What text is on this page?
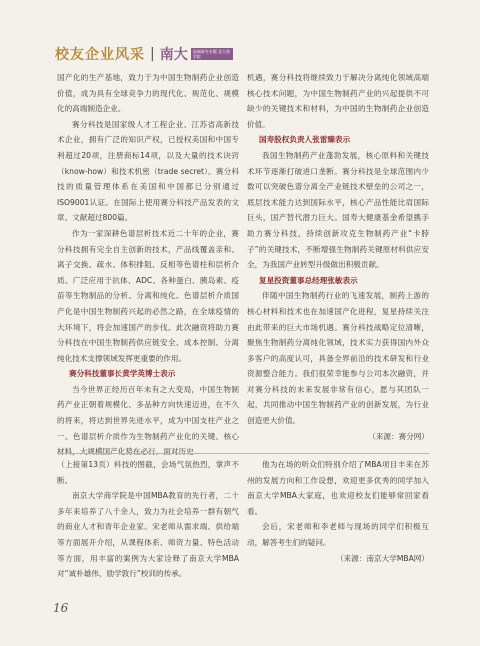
校友企业风采 | 南大	高端研究专题 北大商学院

国产化的生产基地，致力于为中国生物制药企业创造价值，成为具有全球竞争力的现代化、规范化、规模化的高端制造企业。

赛分科技是国家级人才工程企业、江苏省高新技术企业，拥有广泛的知识产权，已授权美国和中国专利超过20项，注册商标14项，以及大量的技术诀窍（know-how）和技术机密（trade secret）。赛分科技的质量管理体系在美国和中国都已分别通过ISO9001认证。在国际上使用赛分科技产品发表的文章、文献超过800篇。

作为一家深耕色谱层析技术近二十年的企业，赛分科技拥有完全自主创新的技术，产品线覆盖亲和、离子交换、疏水、体积排阻、反相等色谱柱和层析介质。广泛应用于抗体、ADC、各种蛋白、胰岛素、疫苗等生物制品的分析、分离和纯化。色谱层析介质国产化是中国生物制药兴起的必然之路，在全球疫情的大环境下，将会加速国产的步伐。此次融资将助力赛分科技在中国生物制药供应链安全、成本控制、分离纯化技术支撑领域发挥更重要的作用。

赛分科技董事长黄学英博士表示

当今世界正经历百年未有之大变局，中国生物制药产业正朝着规模化、多品种方向快速迈进，在不久的将来，将达到世界先进水平，成为中国支柱产业之一。色谱层析介质作为生物制药产业化的关键、核心材料，大规模国产化势在必行。面对历史

机遇，赛分科技将继续致力于解决分离纯化领域高端核心技术问题，为中国生物制药产业的兴起提供不可缺少的关键技术和材料，为中国的生物制药企业创造价值。

国寿股权负责人张雷臻表示

我国生物制药产业蓬勃发展，核心原料和关键技术环节逐渐打破进口垄断。赛分科技是全球范围内少数可以突破色谱分离全产业链技术壁垒的公司之一，底层技术能力达到国际水平，核心产品性能比肩国际巨头，国产替代潜力巨大。国寿大健康基金希望携手助力赛分科技，持续创新攻克生物制药产业“卡脖子”的关键技术，不断增强生物制药关键原材料供应安全，为我国产业转型升级做出积极贡献。

复星投资董事总经理张敏表示

伴随中国生物制药行业的飞速发展，制药上游的核心材料和技术也在加速国产化进程，复星持续关注由此带来的巨大市场机遇。赛分科技战略定位清晰，聚焦生物制药分离纯化领域，技术实力获得国内外众多客户的高度认可，具备全界前沿的技术研发和行业资源整合能力。我们很荣幸能参与公司本次融资，并对赛分科技的未来发展非常有信心，愿与其团队一起，共同推动中国生物制药产业的创新发展，为行业创造更大价值。

（来源：赛分网）

（上接第13页）科技的图截，会场气氛热烈，掌声不断。

南京大学商学院是中国MBA教育的先行者，二十多年来培养了八千余人，致力为社会培养一群有朝气的商业人才和青年企业家。宋老师从需求端、供给端等方面展开介绍，从课程体系、师资力量、特色活动等方面，用丰富的案例为大家诠释了南京大学MBA对“诚朴雄伟、励学敦行”校训的传承。

他为在场的听众们特别介绍了MBA项目丰来在苏州的发展方向和工作设想，欢迎更多优秀的同学加入南京大学MBA大家庭，也欢迎校友们能够常回家看看。

会后，宋老师和李老师与现场的同学们积极互动，解答考生们的疑问。

（来源：南京大学MBA网）

16
